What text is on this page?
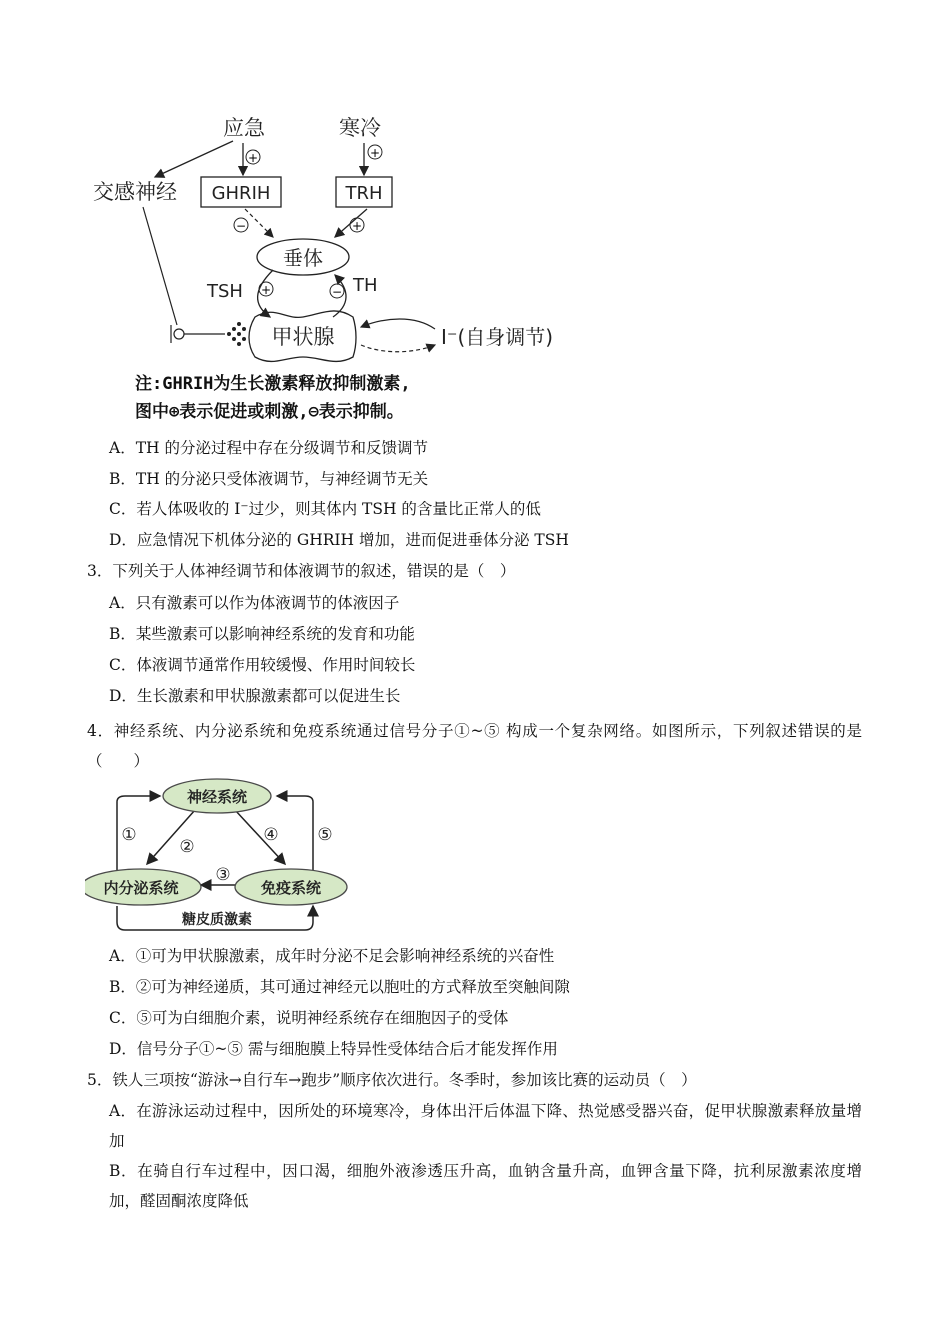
应急	寒冷
交感神经
+	+
GHRIH	TRH
−	+
垂体
TSH +	TH
−
甲状腺	I⁻(自身调节)
注:GHRIH为生长激素释放抑制激素,
图中⊕表示促进或刺激,⊖表示抑制。
A．TH 的分泌过程中存在分级调节和反馈调节
B．TH 的分泌只受体液调节，与神经调节无关
C．若人体吸收的 I⁻过少，则其体内 TSH 的含量比正常人的低
D．应急情况下机体分泌的 GHRIH 增加，进而促进垂体分泌 TSH
3．下列关于人体神经调节和体液调节的叙述，错误的是（　）
A．只有激素可以作为体液调节的体液因子
B．某些激素可以影响神经系统的发育和功能
C．体液调节通常作用较缓慢、作用时间较长
D．生长激素和甲状腺激素都可以促进生长
4．神经系统、内分泌系统和免疫系统通过信号分子①~⑤ 构成一个复杂网络。如图所示，下列叙述错误的是（　　）
神经系统
内分泌系统	免疫系统
①
②
③
④ ⑤
糖皮质激素
A．①可为甲状腺激素，成年时分泌不足会影响神经系统的兴奋性
B．②可为神经递质，其可通过神经元以胞吐的方式释放至突触间隙
C．⑤可为白细胞介素，说明神经系统存在细胞因子的受体
D．信号分子①~⑤ 需与细胞膜上特异性受体结合后才能发挥作用
5．铁人三项按“游泳→自行车→跑步”顺序依次进行。冬季时，参加该比赛的运动员（　）
A．在游泳运动过程中，因所处的环境寒冷，身体出汗后体温下降、热觉感受器兴奋，促甲状腺激素释放量增加
B．在骑自行车过程中，因口渴，细胞外液渗透压升高，血钠含量升高，血钾含量下降，抗利尿激素浓度增加，醛固酮浓度降低
